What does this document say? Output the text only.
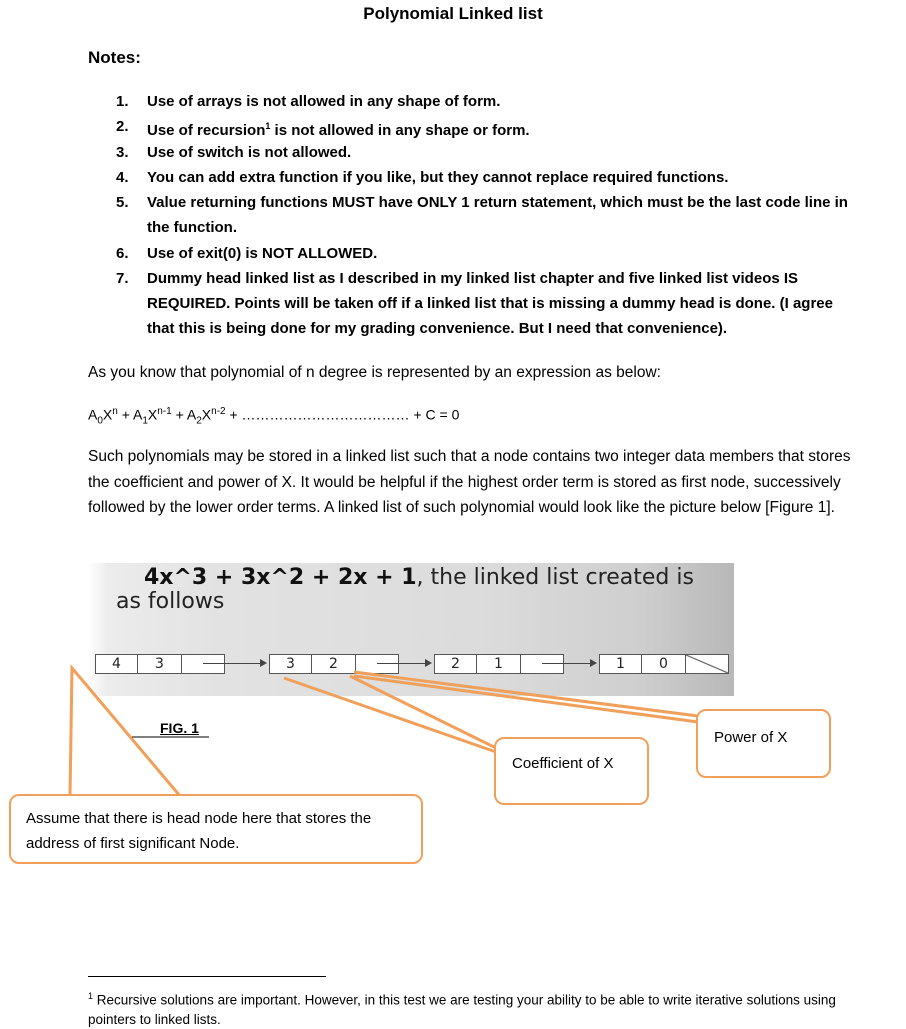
Polynomial Linked list
Notes:
1.	Use of arrays is not allowed in any shape of form.
2.	Use of recursion$^1$ is not allowed in any shape or form.
3.	Use of switch is not allowed.
4.	You can add extra function if you like, but they cannot replace required functions.
5.	Value returning functions MUST have ONLY 1 return statement, which must be the last code line in the function.
6.	Use of exit(0) is NOT ALLOWED.
7.	Dummy head linked list as I described in my linked list chapter and five linked list videos IS REQUIRED. Points will be taken off if a linked list that is missing a dummy head is done. (I agree that this is being done for my grading convenience. But I need that convenience).
As you know that polynomial of n degree is represented by an expression as below:
$A_0X^n + A_1X^{n-1} + A_2X^{n-2}$ + ……………………………… + C = 0
Such polynomials may be stored in a linked list such that a node contains two integer data members that stores the coefficient and power of X. It would be helpful if the highest order term is stored as first node, successively followed by the lower order terms. A linked list of such polynomial would look like the picture below [Figure 1].
4x^3 + 3x^2 + 2x + 1, the linked list created is as follows
4	3	3	2	2	1	1	0
FIG. 1
Power of X
Coefficient of X
Assume that there is head node here that stores the address of first significant Node.
$^1$ Recursive solutions are important. However, in this test we are testing your ability to be able to write iterative solutions using pointers to linked lists.
